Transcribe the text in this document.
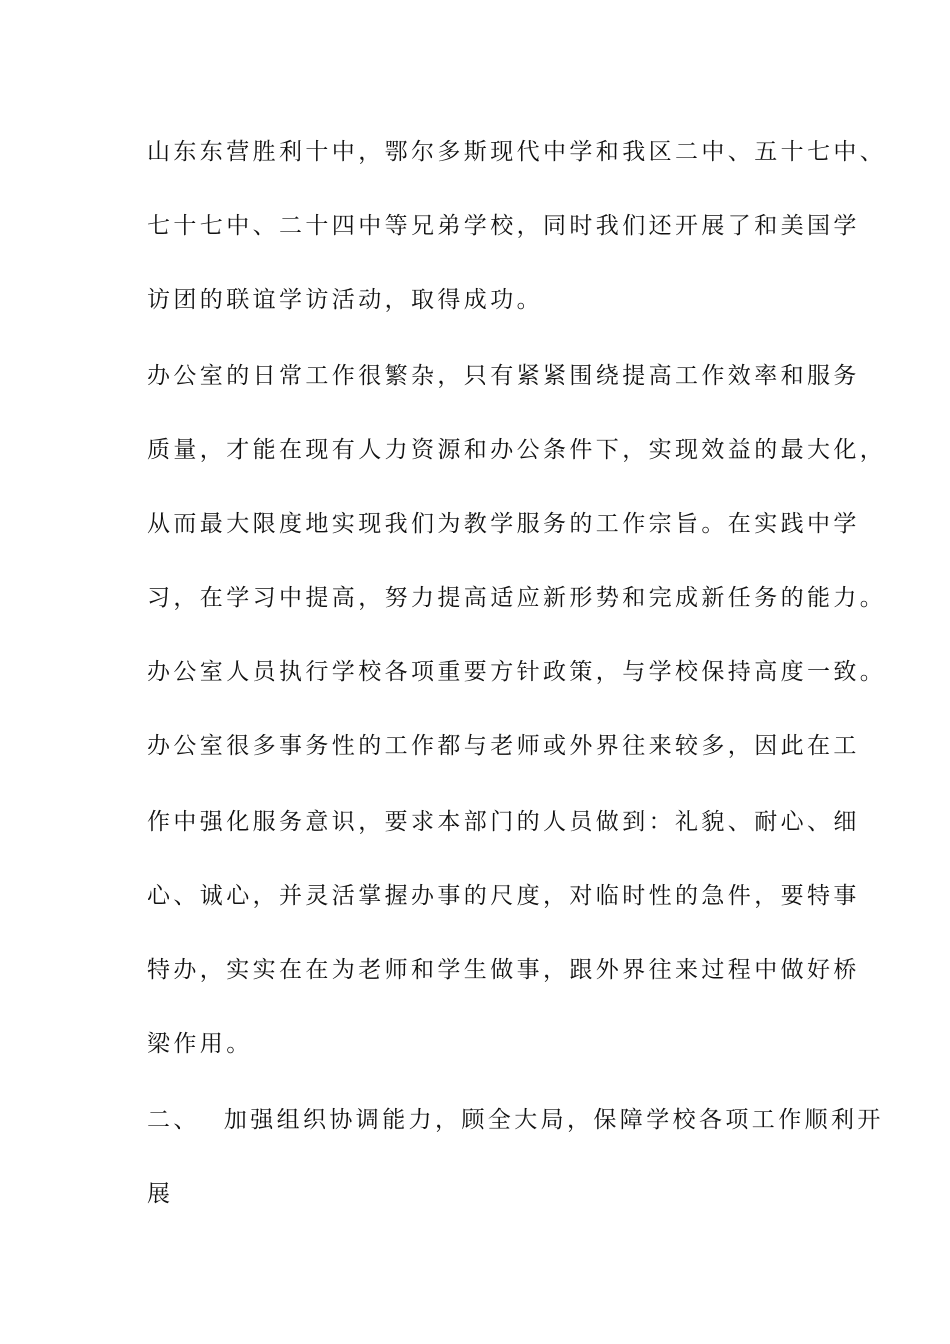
山东东营胜利十中，鄂尔多斯现代中学和我区二中、五十七中、

七十七中、二十四中等兄弟学校，同时我们还开展了和美国学

访团的联谊学访活动，取得成功。

办公室的日常工作很繁杂，只有紧紧围绕提高工作效率和服务

质量，才能在现有人力资源和办公条件下，实现效益的最大化，

从而最大限度地实现我们为教学服务的工作宗旨。在实践中学

习，在学习中提高，努力提高适应新形势和完成新任务的能力。

办公室人员执行学校各项重要方针政策，与学校保持高度一致。

办公室很多事务性的工作都与老师或外界往来较多，因此在工

作中强化服务意识，要求本部门的人员做到：礼貌、耐心、细

心、诚心，并灵活掌握办事的尺度，对临时性的急件，要特事

特办，实实在在为老师和学生做事，跟外界往来过程中做好桥

梁作用。

二、 加强组织协调能力，顾全大局，保障学校各项工作顺利开

展
